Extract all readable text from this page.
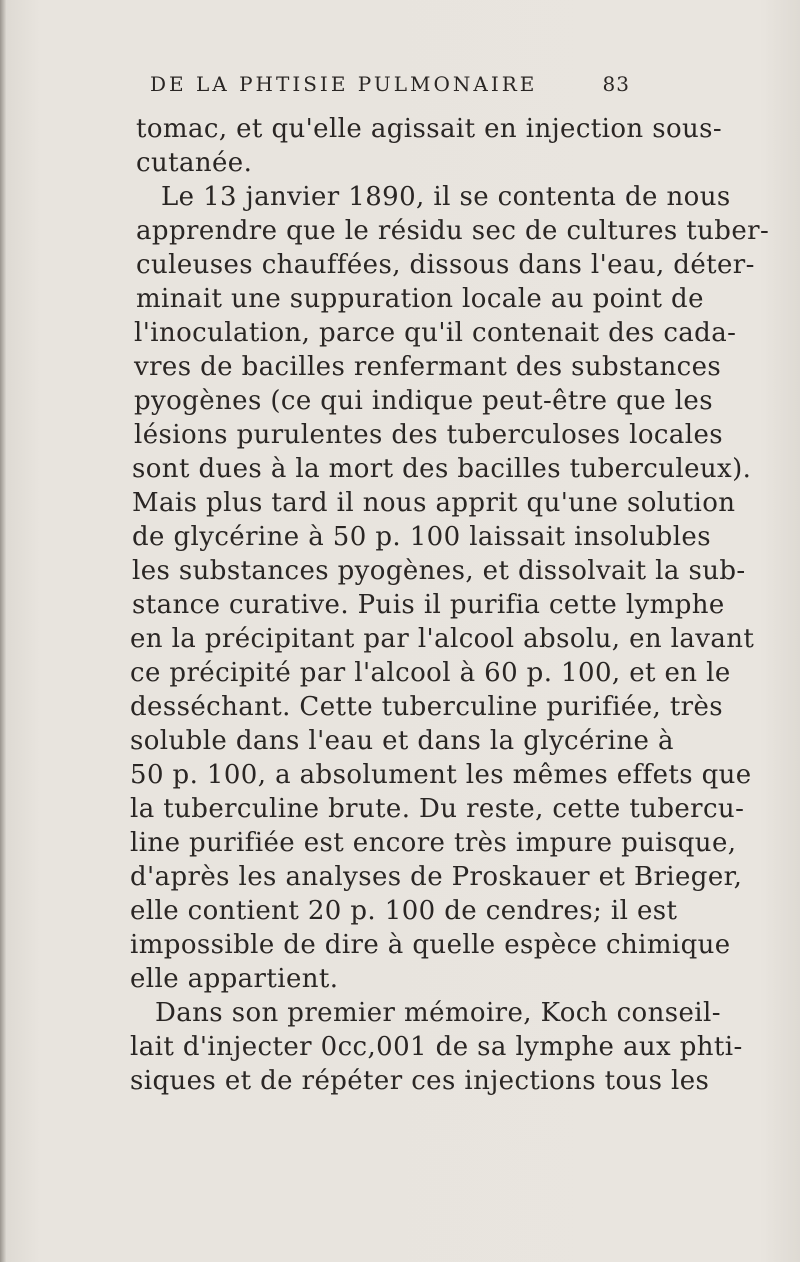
DE LA PHTISIE PULMONAIRE	83
tomac, et qu'elle agissait en injection sous-
cutanée.
Le 13 janvier 1890, il se contenta de nous
apprendre que le résidu sec de cultures tuber-
culeuses chauffées, dissous dans l'eau, déter-
minait une suppuration locale au point de
l'inoculation, parce qu'il contenait des cada-
vres de bacilles renfermant des substances
pyogènes (ce qui indique peut-être que les
lésions purulentes des tuberculoses locales
sont dues à la mort des bacilles tuberculeux).
Mais plus tard il nous apprit qu'une solution
de glycérine à 50 p. 100 laissait insolubles
les substances pyogènes, et dissolvait la sub-
stance curative. Puis il purifia cette lymphe
en la précipitant par l'alcool absolu, en lavant
ce précipité par l'alcool à 60 p. 100, et en le
desséchant. Cette tuberculine purifiée, très
soluble dans l'eau et dans la glycérine à
50 p. 100, a absolument les mêmes effets que
la tuberculine brute. Du reste, cette tubercu-
line purifiée est encore très impure puisque,
d'après les analyses de Proskauer et Brieger,
elle contient 20 p. 100 de cendres; il est
impossible de dire à quelle espèce chimique
elle appartient.
Dans son premier mémoire, Koch conseil-
lait d'injecter 0cc,001 de sa lymphe aux phti-
siques et de répéter ces injections tous les
